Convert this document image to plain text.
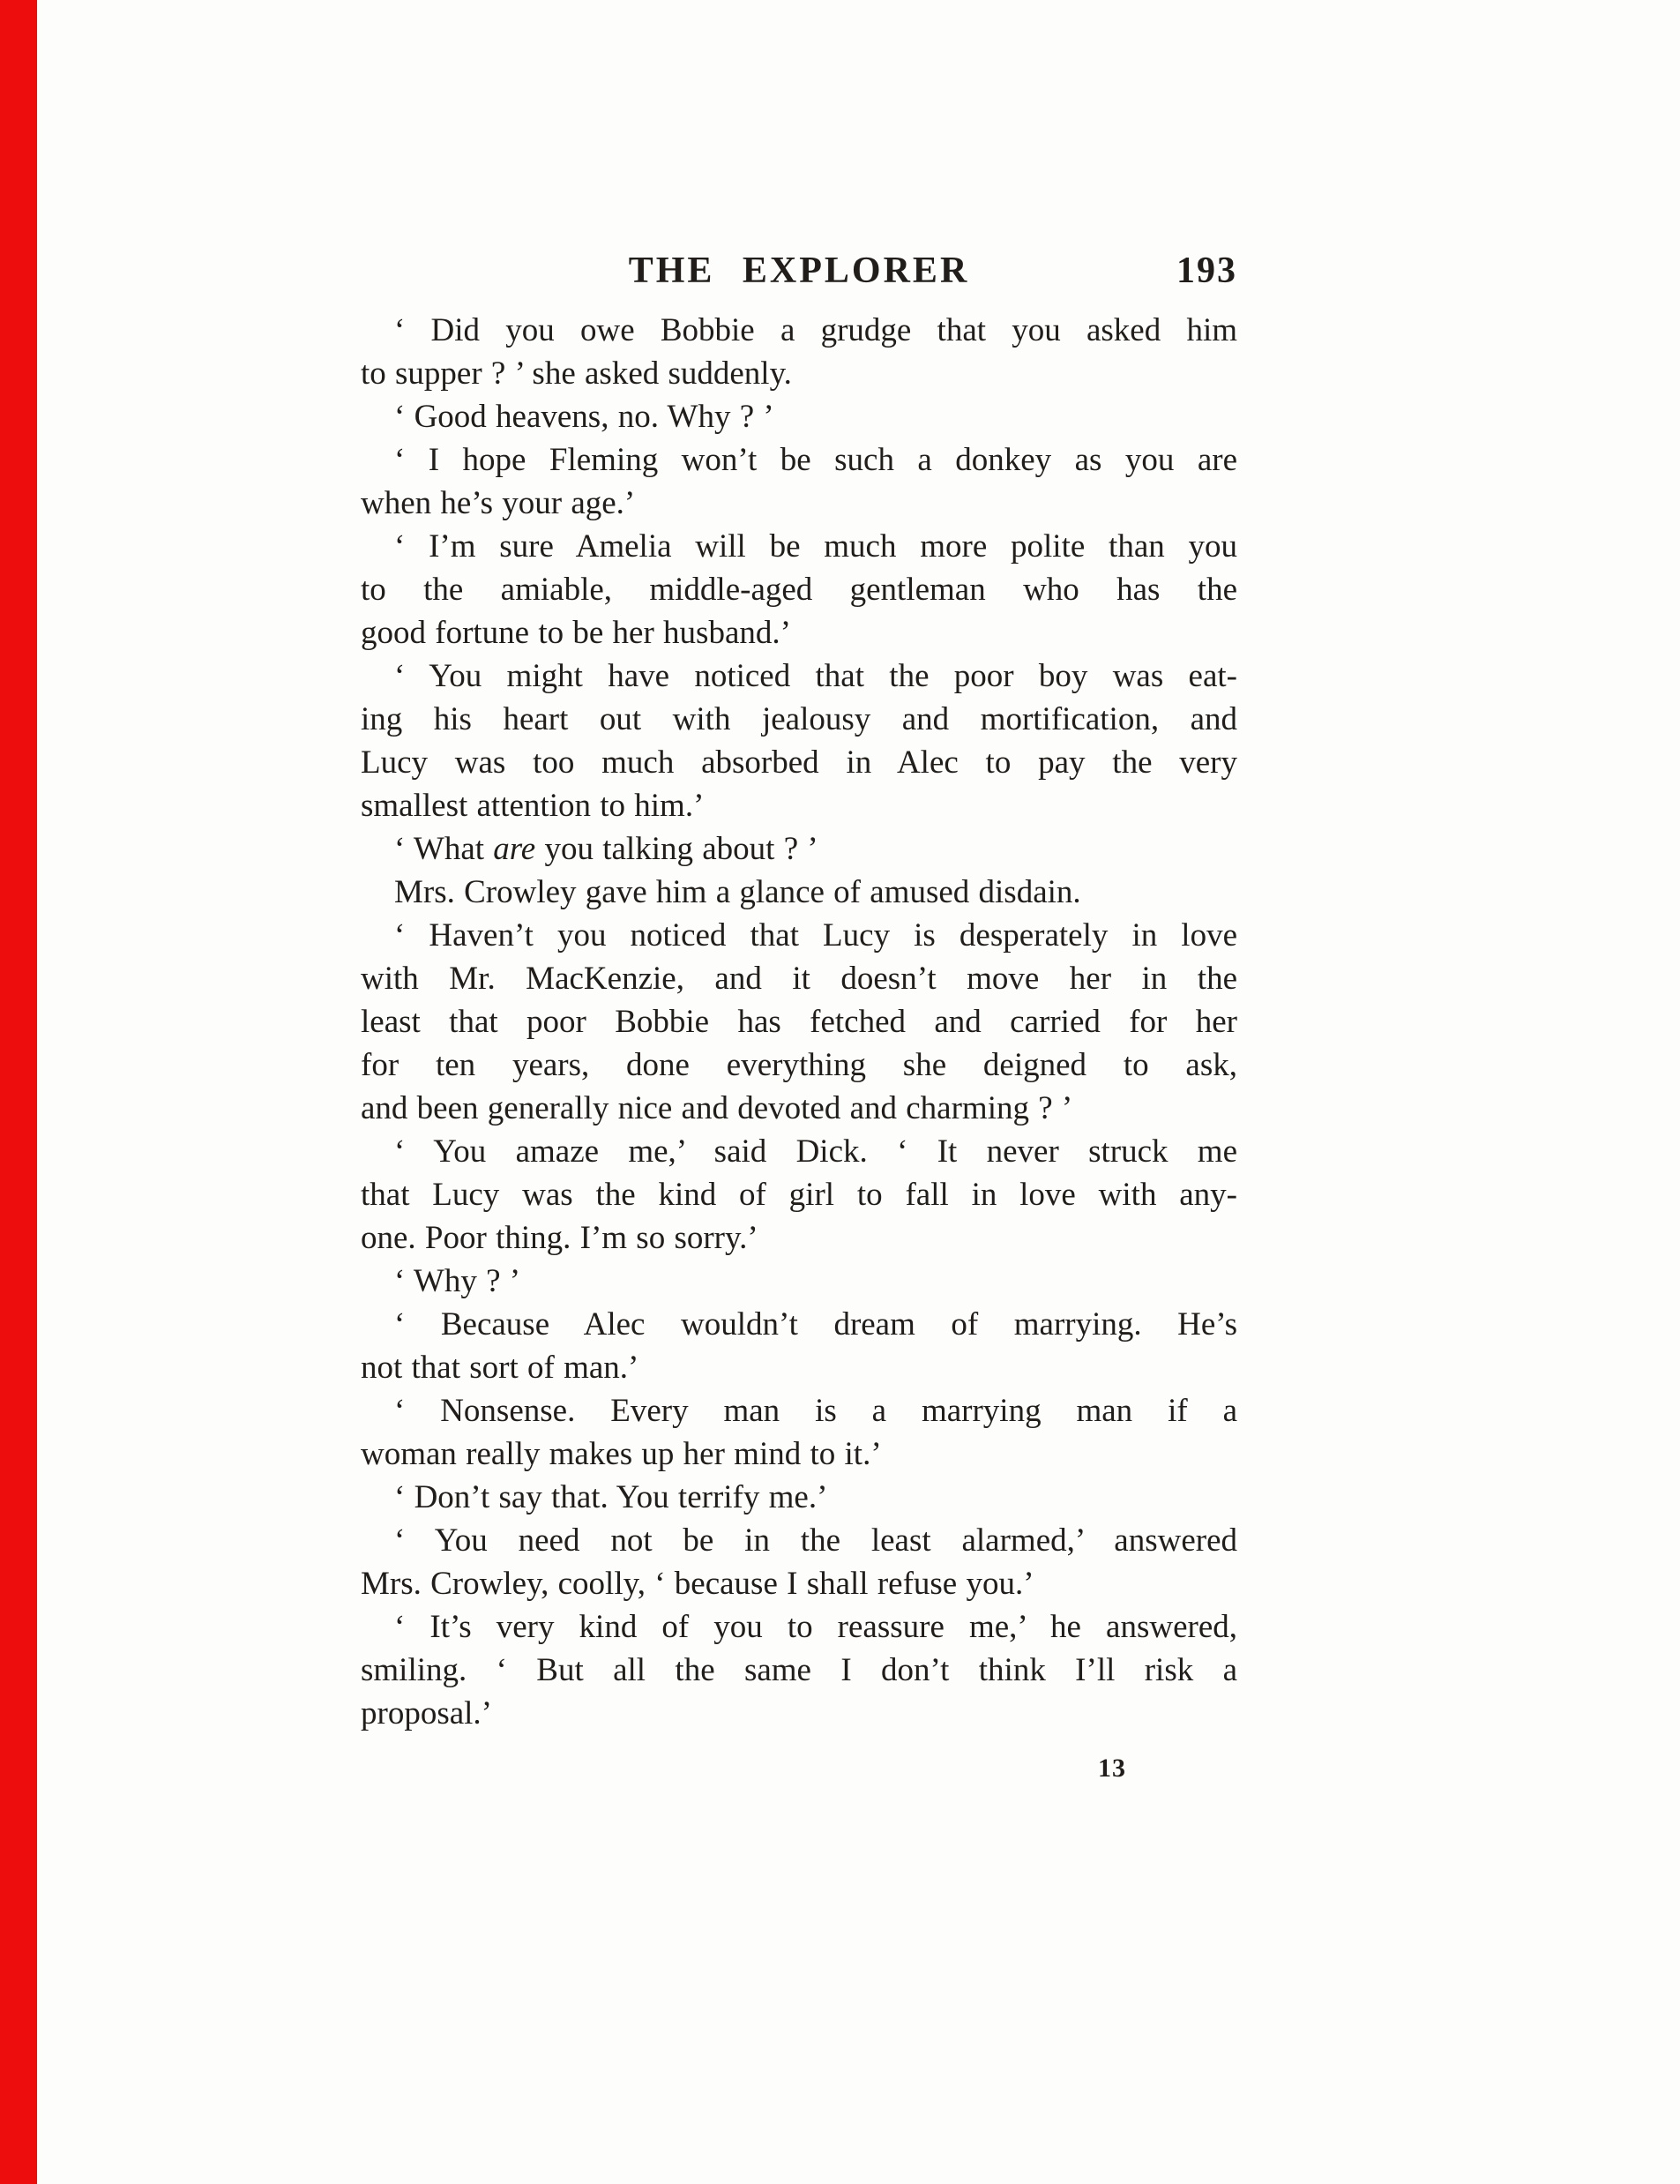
THE EXPLORER	193
‘ Did you owe Bobbie a grudge that you asked him
to supper ? ’ she asked suddenly.
‘ Good heavens, no. Why ? ’
‘ I hope Fleming won’t be such a donkey as you are
when he’s your age.’
‘ I’m sure Amelia will be much more polite than you
to the amiable, middle-aged gentleman who has the
good fortune to be her husband.’
‘ You might have noticed that the poor boy was eat-
ing his heart out with jealousy and mortification, and
Lucy was too much absorbed in Alec to pay the very
smallest attention to him.’
‘ What are you talking about ? ’
Mrs. Crowley gave him a glance of amused disdain.
‘ Haven’t you noticed that Lucy is desperately in love
with Mr. MacKenzie, and it doesn’t move her in the
least that poor Bobbie has fetched and carried for her
for ten years, done everything she deigned to ask,
and been generally nice and devoted and charming ? ’
‘ You amaze me,’ said Dick. ‘ It never struck me
that Lucy was the kind of girl to fall in love with any-
one. Poor thing. I’m so sorry.’
‘ Why ? ’
‘ Because Alec wouldn’t dream of marrying. He’s
not that sort of man.’
‘ Nonsense. Every man is a marrying man if a
woman really makes up her mind to it.’
‘ Don’t say that. You terrify me.’
‘ You need not be in the least alarmed,’ answered
Mrs. Crowley, coolly, ‘ because I shall refuse you.’
‘ It’s very kind of you to reassure me,’ he answered,
smiling. ‘ But all the same I don’t think I’ll risk a
proposal.’
13
